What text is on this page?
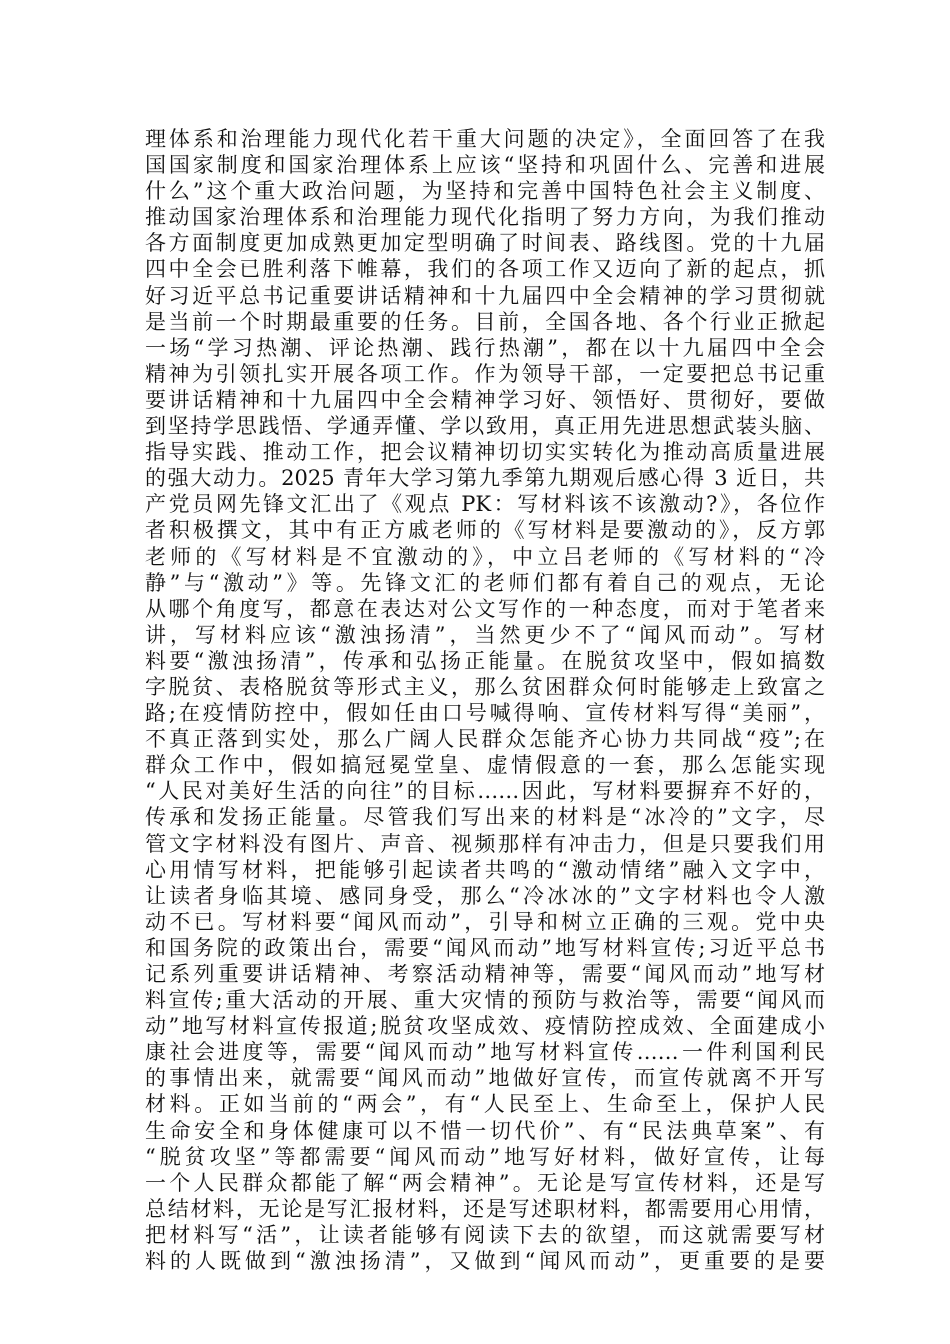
理体系和治理能力现代化若干重大问题的决定》，全面回答了在我
国国家制度和国家治理体系上应该“坚持和巩固什么、完善和进展
什么”这个重大政治问题，为坚持和完善中国特色社会主义制度、
推动国家治理体系和治理能力现代化指明了努力方向，为我们推动
各方面制度更加成熟更加定型明确了时间表、路线图。党的十九届
四中全会已胜利落下帷幕，我们的各项工作又迈向了新的起点，抓
好习近平总书记重要讲话精神和十九届四中全会精神的学习贯彻就
是当前一个时期最重要的任务。目前，全国各地、各个行业正掀起
一场“学习热潮、评论热潮、践行热潮”，都在以十九届四中全会
精神为引领扎实开展各项工作。作为领导干部，一定要把总书记重
要讲话精神和十九届四中全会精神学习好、领悟好、贯彻好，要做
到坚持学思践悟、学通弄懂、学以致用，真正用先进思想武装头脑、
指导实践、推动工作，把会议精神切切实实转化为推动高质量进展
的强大动力。2025 青年大学习第九季第九期观后感心得 3 近日，共
产党员网先锋文汇出了《观点 PK：写材料该不该激动?》，各位作
者积极撰文，其中有正方戚老师的《写材料是要激动的》，反方郭
老师的《写材料是不宜激动的》，中立吕老师的《写材料的“冷
静”与“激动”》等。先锋文汇的老师们都有着自己的观点，无论
从哪个角度写，都意在表达对公文写作的一种态度，而对于笔者来
讲，写材料应该“激浊扬清”，当然更少不了“闻风而动”。写材
料要“激浊扬清”，传承和弘扬正能量。在脱贫攻坚中，假如搞数
字脱贫、表格脱贫等形式主义，那么贫困群众何时能够走上致富之
路;在疫情防控中，假如任由口号喊得响、宣传材料写得“美丽”，
不真正落到实处，那么广阔人民群众怎能齐心协力共同战“疫”;在
群众工作中，假如搞冠冕堂皇、虚情假意的一套，那么怎能实现
“人民对美好生活的向往”的目标……因此，写材料要摒弃不好的，
传承和发扬正能量。尽管我们写出来的材料是“冰冷的”文字，尽
管文字材料没有图片、声音、视频那样有冲击力，但是只要我们用
心用情写材料，把能够引起读者共鸣的“激动情绪”融入文字中，
让读者身临其境、感同身受，那么“冷冰冰的”文字材料也令人激
动不已。写材料要“闻风而动”，引导和树立正确的三观。党中央
和国务院的政策出台，需要“闻风而动”地写材料宣传;习近平总书
记系列重要讲话精神、考察活动精神等，需要“闻风而动”地写材
料宣传;重大活动的开展、重大灾情的预防与救治等，需要“闻风而
动”地写材料宣传报道;脱贫攻坚成效、疫情防控成效、全面建成小
康社会进度等，需要“闻风而动”地写材料宣传……一件利国利民
的事情出来，就需要“闻风而动”地做好宣传，而宣传就离不开写
材料。正如当前的“两会”，有“人民至上、生命至上，保护人民
生命安全和身体健康可以不惜一切代价”、有“民法典草案”、有
“脱贫攻坚”等都需要“闻风而动”地写好材料，做好宣传，让每
一个人民群众都能了解“两会精神”。无论是写宣传材料，还是写
总结材料，无论是写汇报材料，还是写述职材料，都需要用心用情，
把材料写“活”，让读者能够有阅读下去的欲望，而这就需要写材
料的人既做到“激浊扬清”，又做到“闻风而动”，更重要的是要
